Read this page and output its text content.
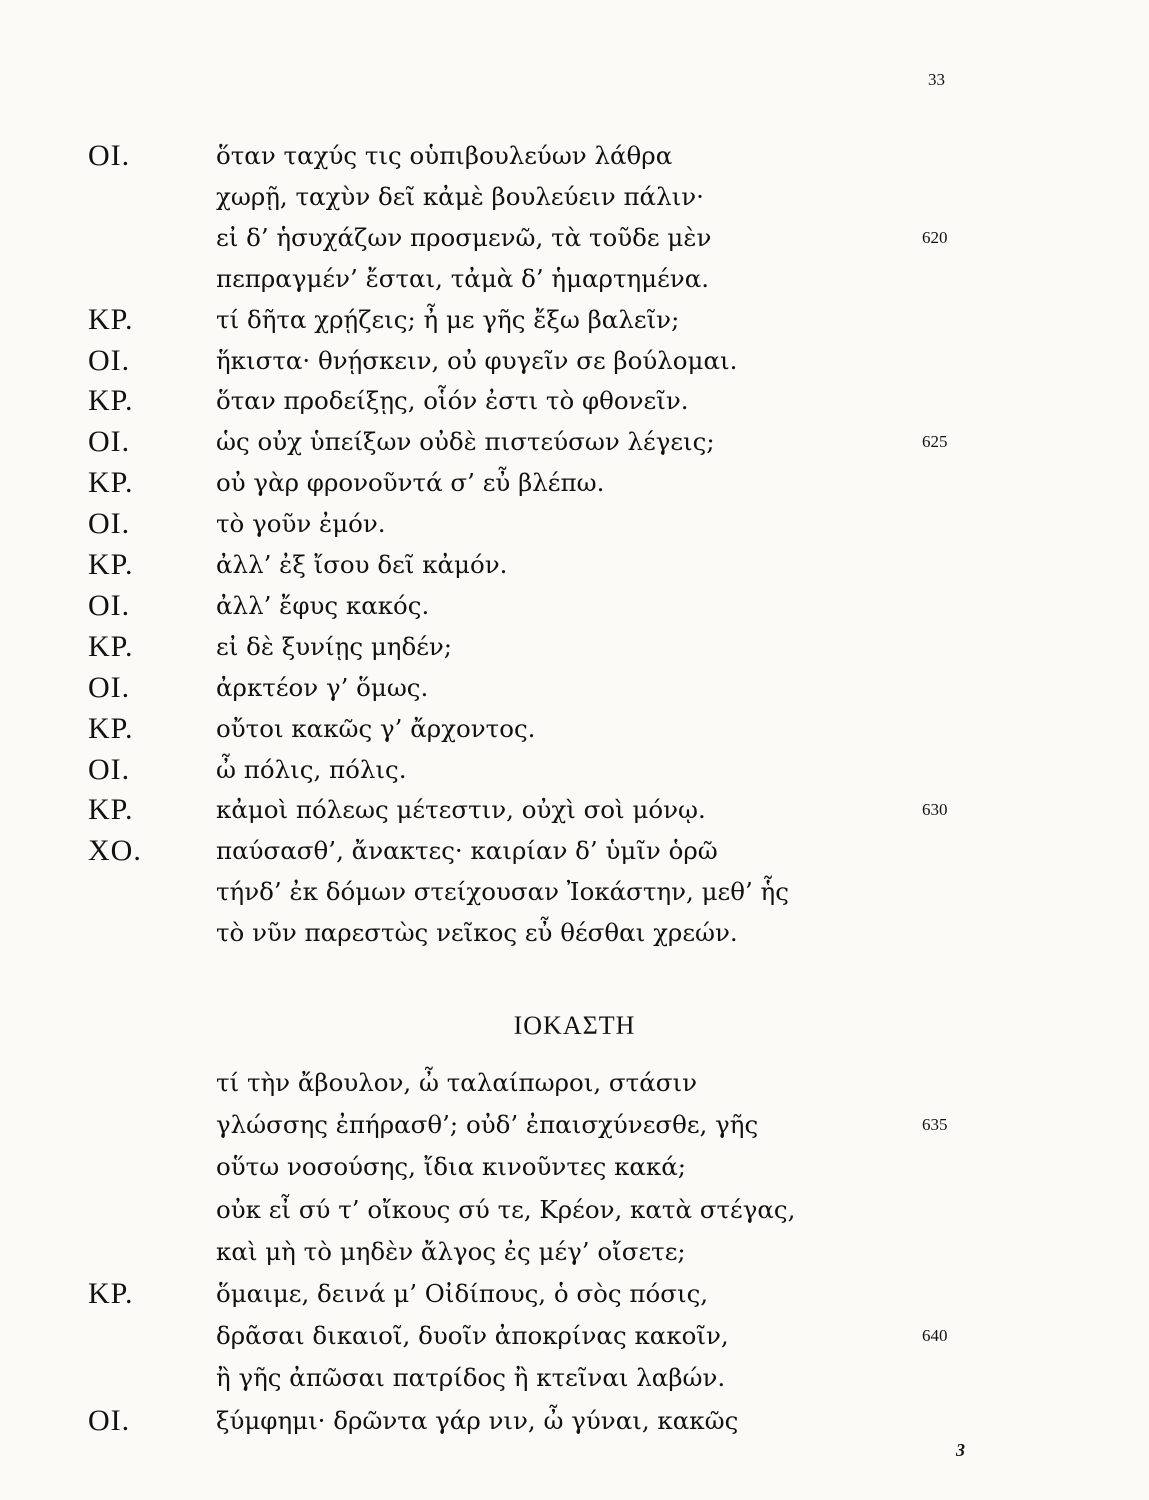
33
ΟΙ.	ὅταν ταχύς τις οὑπιβουλεύων λάθρα
χωρῇ, ταχὺν δεῖ κἀμὲ βουλεύειν πάλιν·
εἰ δ’ ἡσυχάζων προσμενῶ, τὰ τοῦδε μὲν	620
πεπραγμέν’ ἔσται, τἀμὰ δ’ ἡμαρτημένα.
ΚΡ.	τί δῆτα χρῄζεις; ἦ με γῆς ἔξω βαλεῖν;
ΟΙ.	ἥκιστα· θνῄσκειν, οὐ φυγεῖν σε βούλομαι.
ΚΡ.	ὅταν προδείξῃς, οἷόν ἐστι τὸ φθονεῖν.
ΟΙ.	ὡς οὐχ ὑπείξων οὐδὲ πιστεύσων λέγεις;	625
ΚΡ.	οὐ γὰρ φρονοῦντά σ’ εὖ βλέπω.
ΟΙ.	τὸ γοῦν ἐμόν.
ΚΡ.	ἀλλ’ ἐξ ἴσου δεῖ κἀμόν.
ΟΙ.	ἀλλ’ ἔφυς κακός.
ΚΡ.	εἰ δὲ ξυνίῃς μηδέν;
ΟΙ.	ἀρκτέον γ’ ὅμως.
ΚΡ.	οὔτοι κακῶς γ’ ἄρχοντος.
ΟΙ.	ὦ πόλις, πόλις.
ΚΡ.	κἀμοὶ πόλεως μέτεστιν, οὐχὶ σοὶ μόνῳ.	630
ΧΟ.	παύσασθ’, ἄνακτες· καιρίαν δ’ ὑμῖν ὁρῶ
τήνδ’ ἐκ δόμων στείχουσαν Ἰοκάστην, μεθ’ ἧς
τὸ νῦν παρεστὼς νεῖκος εὖ θέσθαι χρεών.
ΙΟΚΑΣΤΗ
τί τὴν ἄβουλον, ὦ ταλαίπωροι, στάσιν
γλώσσης ἐπήρασθ’; οὐδ’ ἐπαισχύνεσθε, γῆς	635
οὕτω νοσούσης, ἴδια κινοῦντες κακά;
οὐκ εἶ σύ τ’ οἴκους σύ τε, Κρέον, κατὰ στέγας,
καὶ μὴ τὸ μηδὲν ἄλγος ἐς μέγ’ οἴσετε;
ΚΡ.	ὅμαιμε, δεινά μ’ Οἰδίπους, ὁ σὸς πόσις,
δρᾶσαι δικαιοῖ, δυοῖν ἀποκρίνας κακοῖν,	640
ἢ γῆς ἀπῶσαι πατρίδος ἢ κτεῖναι λαβών.
ΟΙ.	ξύμφημι· δρῶντα γάρ νιν, ὦ γύναι, κακῶς
3
